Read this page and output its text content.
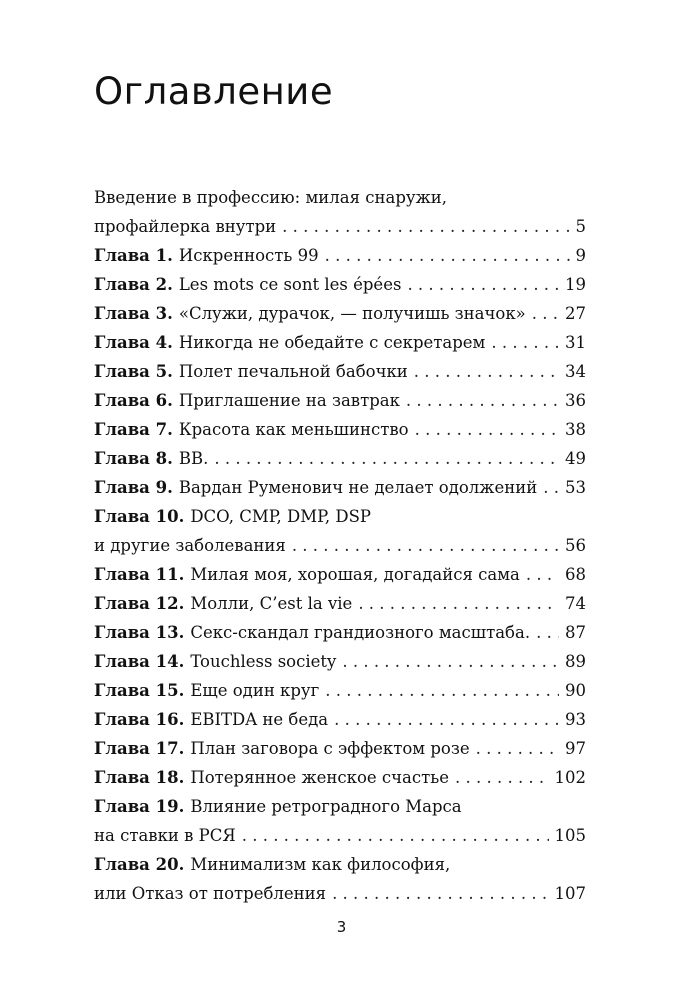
Оглавление
Введение в профессию: милая снаружи,
профайлерка внутри . . .	5
Глава 1. Искренность 99 . . .	9
Глава 2. Les mots ce sont les épées . . .	19
Глава 3. «Служи, дурачок, — получишь значок» . . . 27
Глава 4. Никогда не обедайте с секретарем . . .	31
Глава 5. Полет печальной бабочки . . .	34
Глава 6. Приглашение на завтрак . . .	36
Глава 7. Красота как меньшинство . . .	38
Глава 8. BB. . . .	49
Глава 9. Вардан Руменович не делает одолжений . . . 53
Глава 10. DCO, CMP, DMP, DSP
и другие заболевания . . .	56
Глава 11. Милая моя, хорошая, догадайся сама . . .	68
Глава 12. Молли, C’est la vie . . .	74
Глава 13. Секс-скандал грандиозного масштаба. . . . 87
Глава 14. Touchless society . . .	89
Глава 15. Еще один круг . . .	90
Глава 16. EBITDA не беда . . .	93
Глава 17. План заговора с эффектом розе . . .	97
Глава 18. Потерянное женское счастье . . .	102
Глава 19. Влияние ретроградного Марса
на ставки в РСЯ . . .	105
Глава 20. Минимализм как философия,
или Отказ от потребления . . .	107
3
